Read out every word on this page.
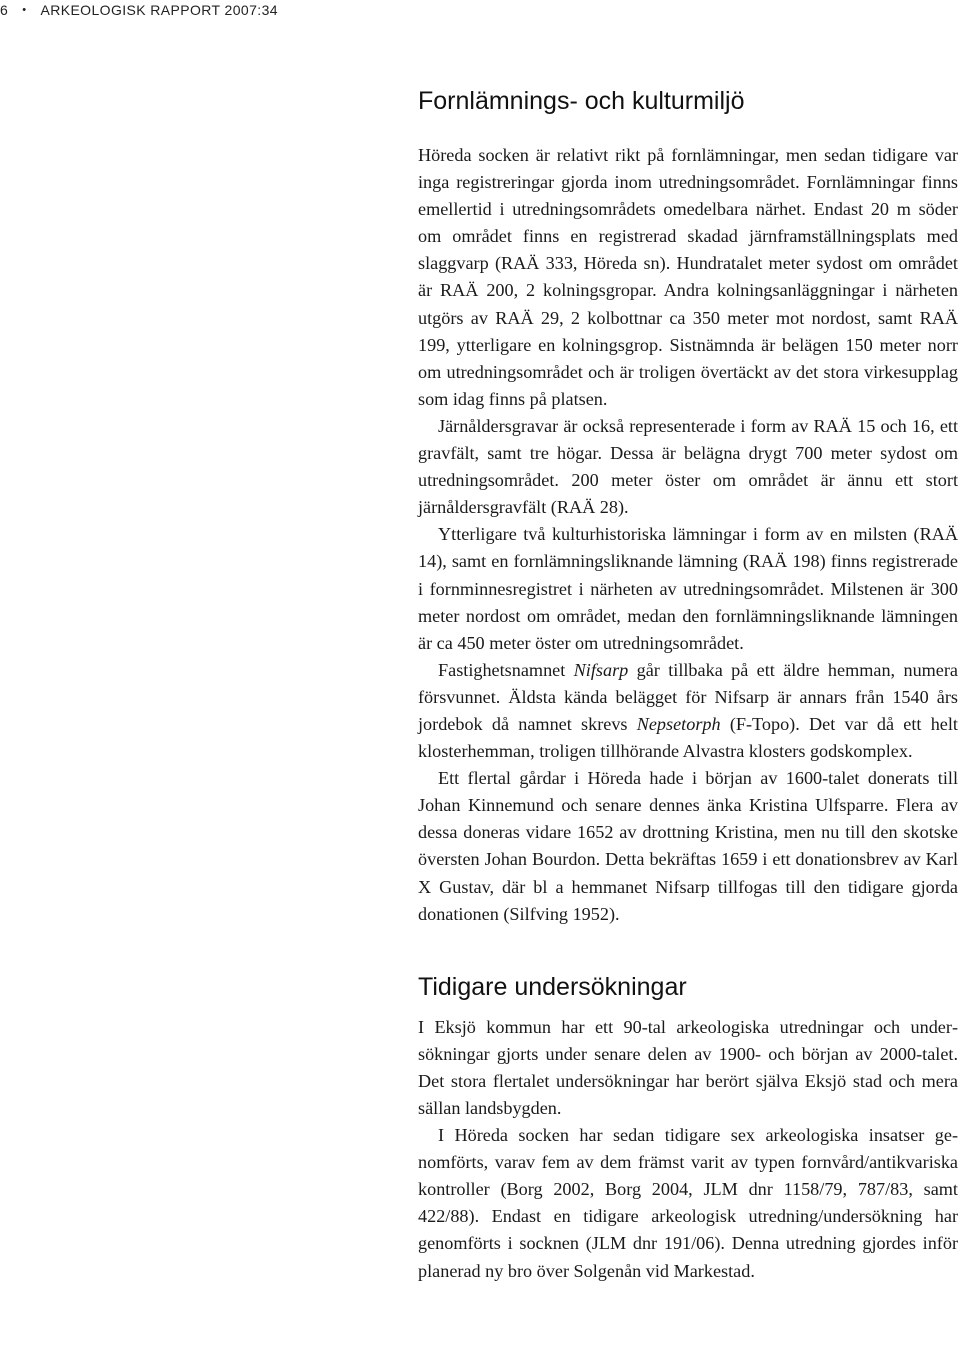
6 • ARKEOLOGISK RAPPORT 2007:34
Fornlämnings- och kulturmiljö

Höreda socken är relativt rikt på fornlämningar, men sedan tidigare var inga registreringar gjorda inom utredningsområdet. Fornlämningar finns emellertid i utredningsområdets omedelbara närhet. Endast 20 m söder om området finns en registrerad skadad järnframställningsplats med slaggvarp (RAÄ 333, Höreda sn). Hundratalet meter sydost om området är RAÄ 200, 2 kolningsgropar. Andra kolningsanläggningar i närheten utgörs av RAÄ 29, 2 kolbottnar ca 350 meter mot nordost, samt RAÄ 199, ytterligare en kolningsgrop. Sistnämnda är belägen 150 meter norr om utredningsområdet och är troligen övertäckt av det stora virkesupplag som idag finns på platsen.

Järnåldersgravar är också representerade i form av RAÄ 15 och 16, ett gravfält, samt tre högar. Dessa är belägna drygt 700 meter sydost om utredningsområdet. 200 meter öster om området är ännu ett stort järnåldersgravfält (RAÄ 28).

Ytterligare två kulturhistoriska lämningar i form av en milsten (RAÄ 14), samt en fornlämningsliknande lämning (RAÄ 198) finns registrerade i fornminnesregistret i närheten av utredningsområdet. Milstenen är 300 meter nordost om området, medan den fornlämningsliknande lämningen är ca 450 meter öster om utredningsområdet.

Fastighetsnamnet Nifsarp går tillbaka på ett äldre hemman, numera försvunnet. Äldsta kända belägget för Nifsarp är annars från 1540 års jordebok då namnet skrevs Nepsetorph (F-Topo). Det var då ett helt klosterhemman, troligen tillhörande Alvastra klosters godskomplex.

Ett flertal gårdar i Höreda hade i början av 1600-talet donerats till Johan Kinnemund och senare dennes änka Kristina Ulfsparre. Flera av dessa doneras vidare 1652 av drottning Kristina, men nu till den skotske översten Johan Bourdon. Detta bekräftas 1659 i ett donationsbrev av Karl X Gustav, där bl a hemmanet Nifsarp tillfogas till den tidigare gjorda donationen (Silfving 1952).

Tidigare undersökningar

I Eksjö kommun har ett 90-tal arkeologiska utredningar och undersökningar gjorts under senare delen av 1900- och början av 2000-talet. Det stora flertalet undersökningar har berört själva Eksjö stad och mera sällan landsbygden.

I Höreda socken har sedan tidigare sex arkeologiska insatser genomförts, varav fem av dem främst varit av typen fornvård/antikvariska kontroller (Borg 2002, Borg 2004, JLM dnr 1158/79, 787/83, samt 422/88). Endast en tidigare arkeologisk utredning/undersökning har genomförts i socknen (JLM dnr 191/06). Denna utredning gjordes inför planerad ny bro över Solgenån vid Markestad.
